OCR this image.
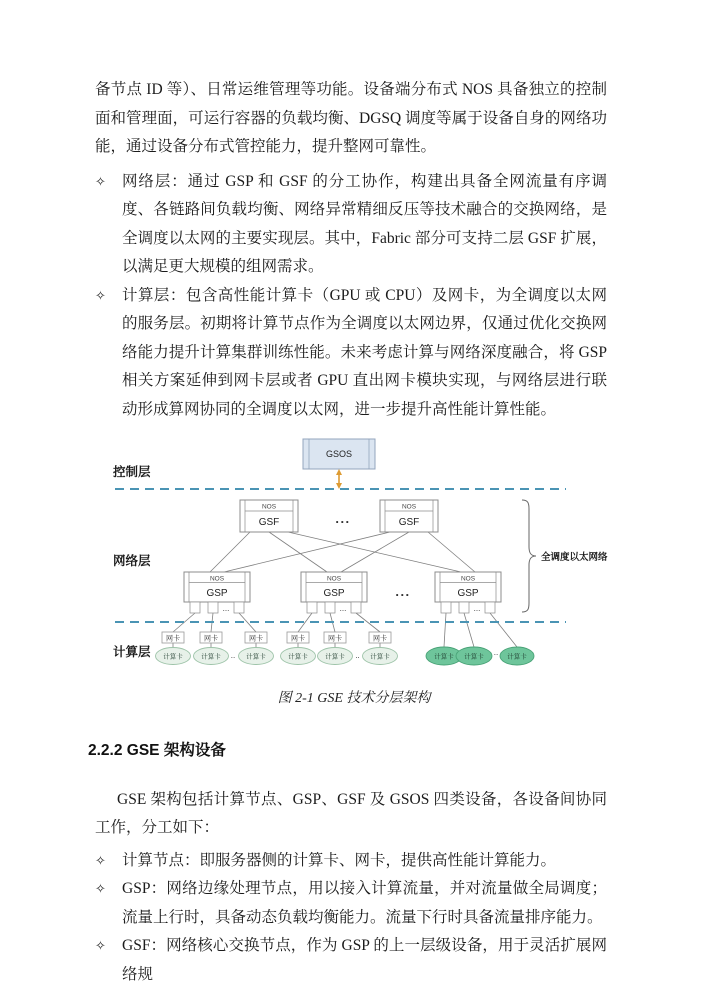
备节点 ID 等）、日常运维管理等功能。设备端分布式 NOS 具备独立的控制面和管理面，可运行容器的负载均衡、DGSQ 调度等属于设备自身的网络功能，通过设备分布式管控能力，提升整网可靠性。

✧	网络层：通过 GSP 和 GSF 的分工协作，构建出具备全网流量有序调度、各链路间负载均衡、网络异常精细反压等技术融合的交换网络，是全调度以太网的主要实现层。其中，Fabric 部分可支持二层 GSF 扩展，以满足更大规模的组网需求。
✧	计算层：包含高性能计算卡（GPU 或 CPU）及网卡，为全调度以太网的服务层。初期将计算节点作为全调度以太网边界，仅通过优化交换网络能力提升计算集群训练性能。未来考虑计算与网络深度融合，将 GSP 相关方案延伸到网卡层或者 GPU 直出网卡模块实现，与网络层进行联动形成算网协同的全调度以太网，进一步提升高性能计算性能。
GSOS
控制层
NOS
GSF	...
NOS
GSF
网络层
NOS
GSP
...
NOS
GSP
...
...
NOS
GSP
...
全调度以太网络
计算层
网卡	网卡	网卡
计算卡	计算卡	计算卡
..
网卡	网卡	网卡
计算卡	计算卡	计算卡
..	计算卡 计算卡	计算卡
..
图 2-1 GSE 技术分层架构
2.2.2 GSE 架构设备

GSE 架构包括计算节点、GSP、GSF 及 GSOS 四类设备，各设备间协同工作，分工如下：

✧	计算节点：即服务器侧的计算卡、网卡，提供高性能计算能力。
✧	GSP：网络边缘处理节点，用以接入计算流量，并对流量做全局调度；流量上行时，具备动态负载均衡能力。流量下行时具备流量排序能力。
✧	GSF：网络核心交换节点，作为 GSP 的上一层级设备，用于灵活扩展网络规
